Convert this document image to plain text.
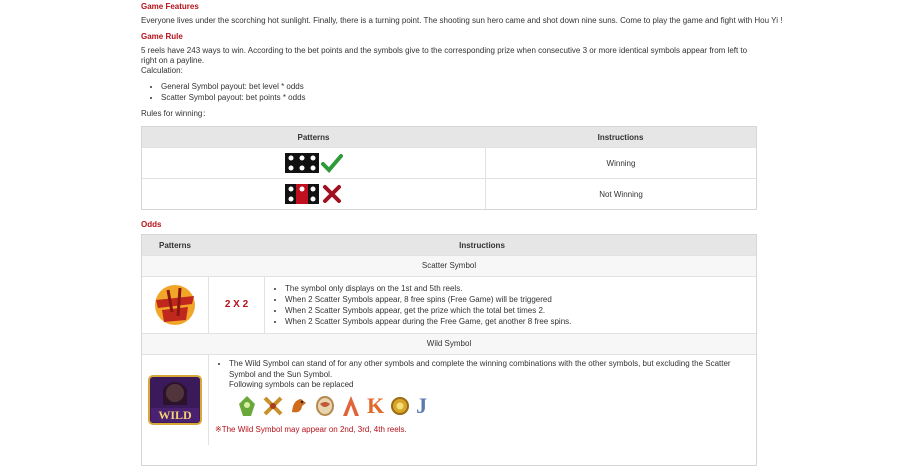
Game Features

Everyone lives under the scorching hot sunlight. Finally, there is a turning point. The shooting sun hero came and shot down nine suns. Come to play the game and fight with Hou Yi !

Game Rule

5 reels have 243 ways to win. According to the bet points and the symbols give to the corresponding prize when consecutive 3 or more identical symbols appear from left to right on a payline.

Calculation:

• General Symbol payout: bet level * odds
• Scatter Symbol payout: bet points * odds

Rules for winning：

Patterns	Instructions
Winning
Not Winning
Odds
Patterns	Instructions
Scatter Symbol
2 X 2
• The symbol only displays on the 1st and 5th reels.
• When 2 Scatter Symbols appear, 8 free spins (Free Game) will be triggered
• When 2 Scatter Symbols appear, get the prize which the total bet times 2.
• When 2 Scatter Symbols appear during the Free Game, get another 8 free spins.
Wild Symbol
WILD
• The Wild Symbol can stand of for any other symbols and complete the winning combinations with the other symbols, but excluding the Scatter Symbol and the Sun Symbol.

Following symbols can be replaced

K J

※The Wild Symbol may appear on 2nd, 3rd, 4th reels.
